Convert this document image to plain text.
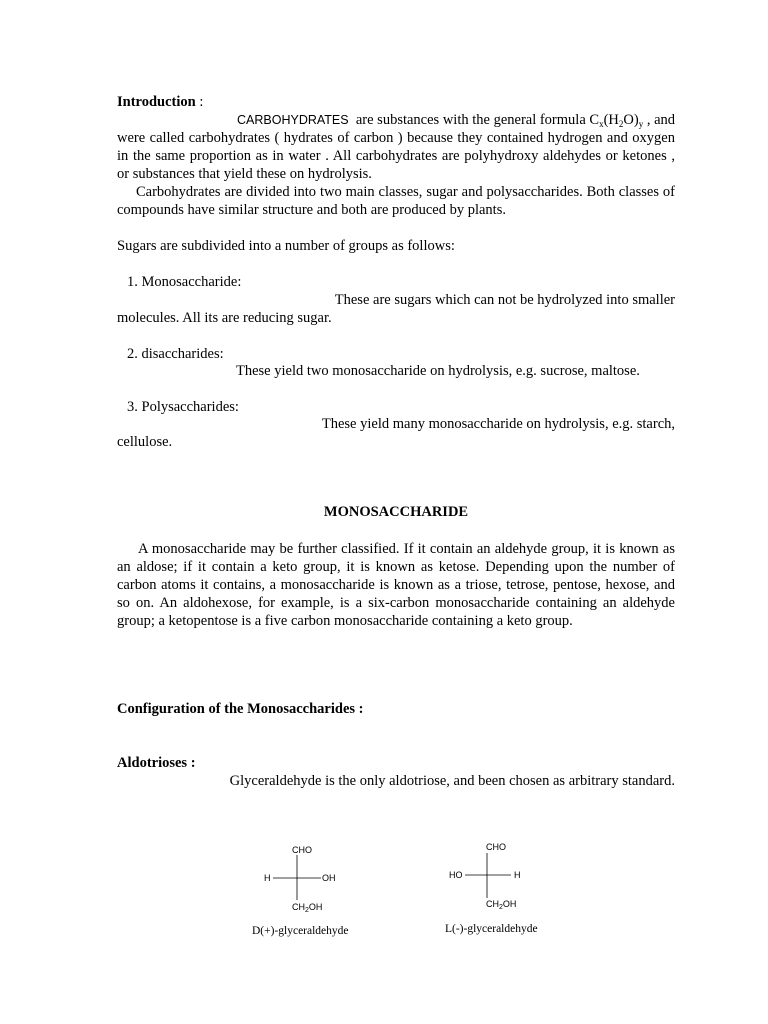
Introduction :
CARBOHYDRATES are substances with the general formula $C_x(H_2O)_y$ , and
were called carbohydrates ( hydrates of carbon ) because they contained hydrogen and oxygen in the same proportion as in water . All carbohydrates are polyhydroxy aldehydes or ketones , or substances that yield these on hydrolysis.
Carbohydrates are divided into two main classes, sugar and polysaccharides. Both classes of compounds have similar structure and both are produced by plants.
Sugars are subdivided into a number of groups as follows:
1. Monosaccharide:
These are sugars which can not be hydrolyzed into smaller
molecules. All its are reducing sugar.
2. disaccharides:
These yield two monosaccharide on hydrolysis, e.g. sucrose, maltose.
3. Polysaccharides:
These yield many monosaccharide on hydrolysis, e.g. starch,
cellulose.
MONOSACCHARIDE
A monosaccharide may be further classified. If it contain an aldehyde group, it is known as an aldose; if it contain a keto group, it is known as ketose. Depending upon the number of carbon atoms it contains, a monosaccharide is known as a triose, tetrose, pentose, hexose, and so on. An aldohexose, for example, is a six-carbon monosaccharide containing an aldehyde group; a ketopentose is a five carbon monosaccharide containing a keto group.
Configuration of the Monosaccharides :
Aldotrioses :
Glyceraldehyde is the only aldotriose, and been chosen as arbitrary standard.
CHO
H	OH
$CH_2OH$
D(+)-glyceraldehyde
CHO
HO	H
$CH_2OH$
L(-)-glyceraldehyde
